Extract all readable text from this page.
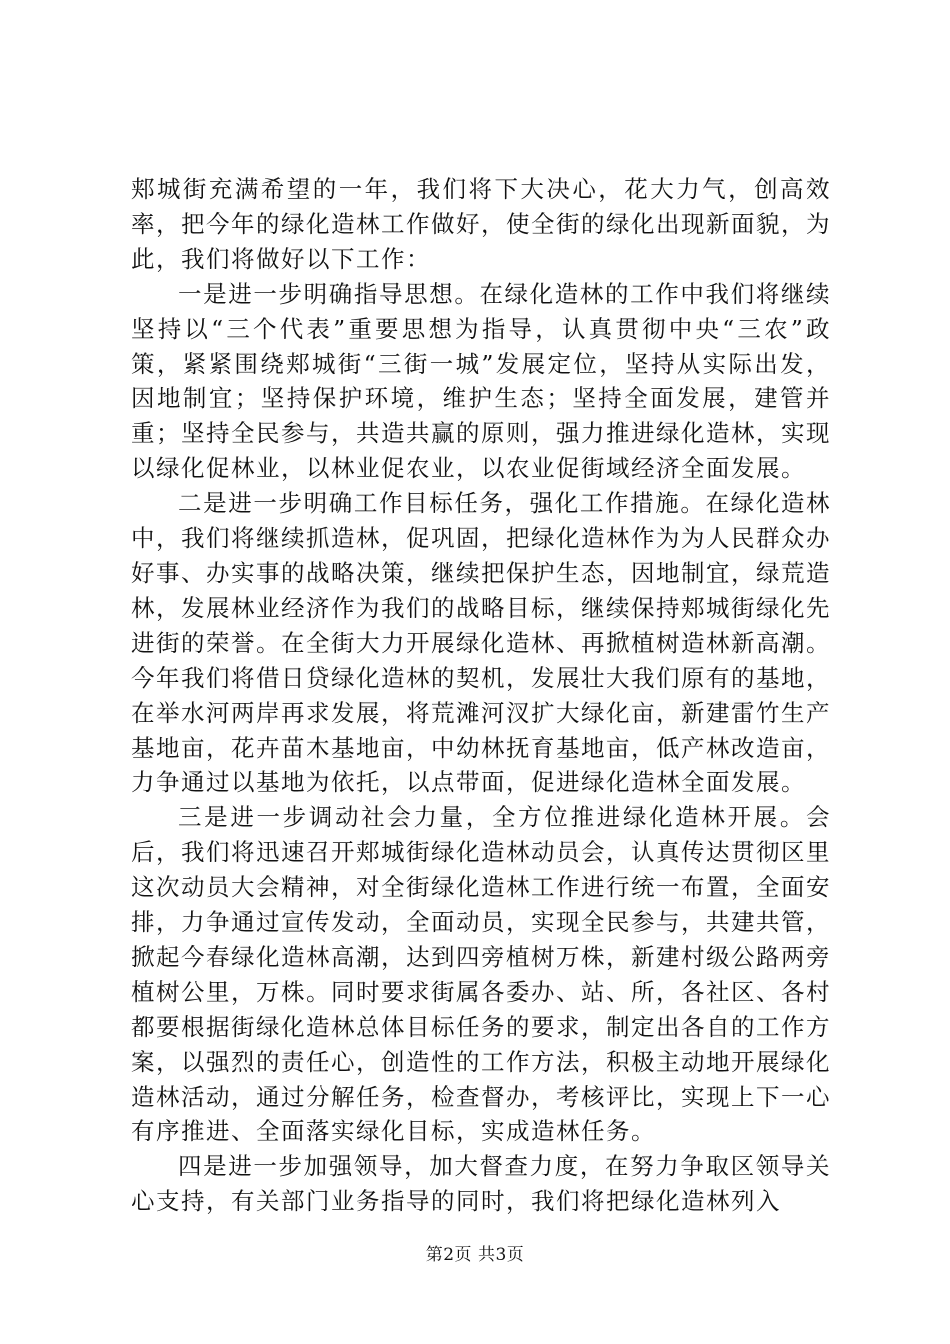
郏城街充满希望的一年，我们将下大决心，花大力气，创高效率，把今年的绿化造林工作做好，使全街的绿化出现新面貌，为此，我们将做好以下工作：

一是进一步明确指导思想。在绿化造林的工作中我们将继续坚持以“三个代表”重要思想为指导，认真贯彻中央“三农”政策，紧紧围绕郏城街“三街一城”发展定位，坚持从实际出发，因地制宜；坚持保护环境，维护生态；坚持全面发展，建管并重；坚持全民参与，共造共赢的原则，强力推进绿化造林，实现以绿化促林业，以林业促农业，以农业促街域经济全面发展。

二是进一步明确工作目标任务，强化工作措施。在绿化造林中，我们将继续抓造林，促巩固，把绿化造林作为为人民群众办好事、办实事的战略决策，继续把保护生态，因地制宜，绿荒造林，发展林业经济作为我们的战略目标，继续保持郏城街绿化先进街的荣誉。在全街大力开展绿化造林、再掀植树造林新高潮。今年我们将借日贷绿化造林的契机，发展壮大我们原有的基地，在举水河两岸再求发展，将荒滩河汊扩大绿化亩，新建雷竹生产基地亩，花卉苗木基地亩，中幼林抚育基地亩，低产林改造亩，力争通过以基地为依托，以点带面，促进绿化造林全面发展。

三是进一步调动社会力量，全方位推进绿化造林开展。会后，我们将迅速召开郏城街绿化造林动员会，认真传达贯彻区里这次动员大会精神，对全街绿化造林工作进行统一布置，全面安排，力争通过宣传发动，全面动员，实现全民参与，共建共管，掀起今春绿化造林高潮，达到四旁植树万株，新建村级公路两旁植树公里，万株。同时要求街属各委办、站、所，各社区、各村都要根据街绿化造林总体目标任务的要求，制定出各自的工作方案，以强烈的责任心，创造性的工作方法，积极主动地开展绿化造林活动，通过分解任务，检查督办，考核评比，实现上下一心有序推进、全面落实绿化目标，实成造林任务。

四是进一步加强领导，加大督查力度，在努力争取区领导关心支持，有关部门业务指导的同时，我们将把绿化造林列入

第2页 共3页
